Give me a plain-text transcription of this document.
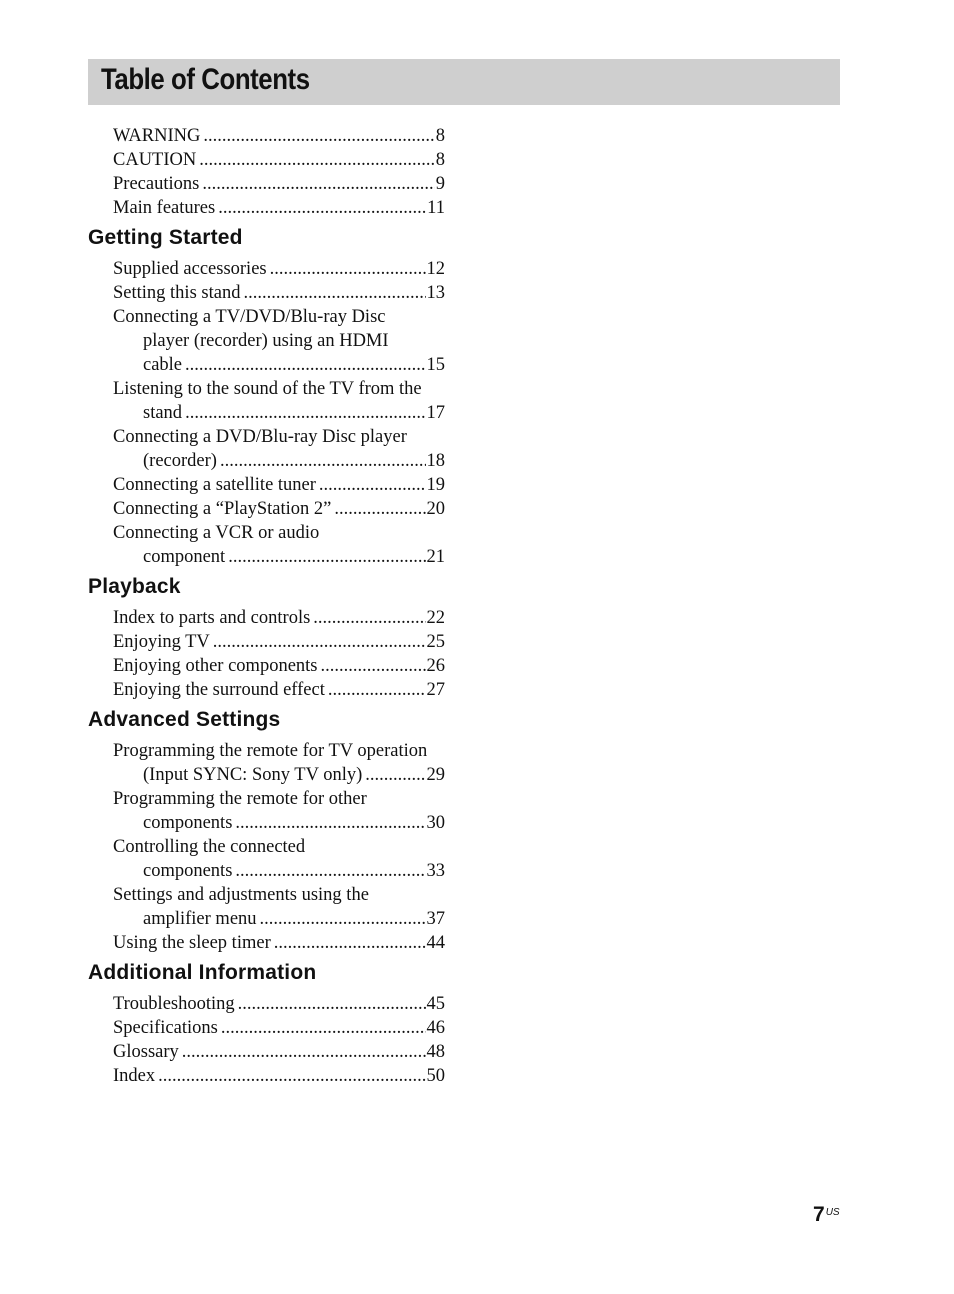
Table of Contents
WARNING .....	8
CAUTION .....	8
Precautions .....	9
Main features .....	11
Getting Started
Supplied accessories .....	12
Setting this stand .....	13
Connecting a TV/DVD/Blu-ray Disc
player (recorder) using an HDMI
cable .....	15
Listening to the sound of the TV from the
stand .....	17
Connecting a DVD/Blu-ray Disc player
(recorder) .....	18
Connecting a satellite tuner .....	19
Connecting a “PlayStation 2” .....	20
Connecting a VCR or audio
component .....	21
Playback
Index to parts and controls .....	22
Enjoying TV .....	25
Enjoying other components .....	26
Enjoying the surround effect .....	27
Advanced Settings
Programming the remote for TV operation
(Input SYNC: Sony TV only) .....	29
Programming the remote for other
components .....	30
Controlling the connected
components .....	33
Settings and adjustments using the
amplifier menu .....	37
Using the sleep timer .....	44
Additional Information
Troubleshooting .....	45
Specifications .....	46
Glossary .....	48
Index .....	50
$7^{US}$
